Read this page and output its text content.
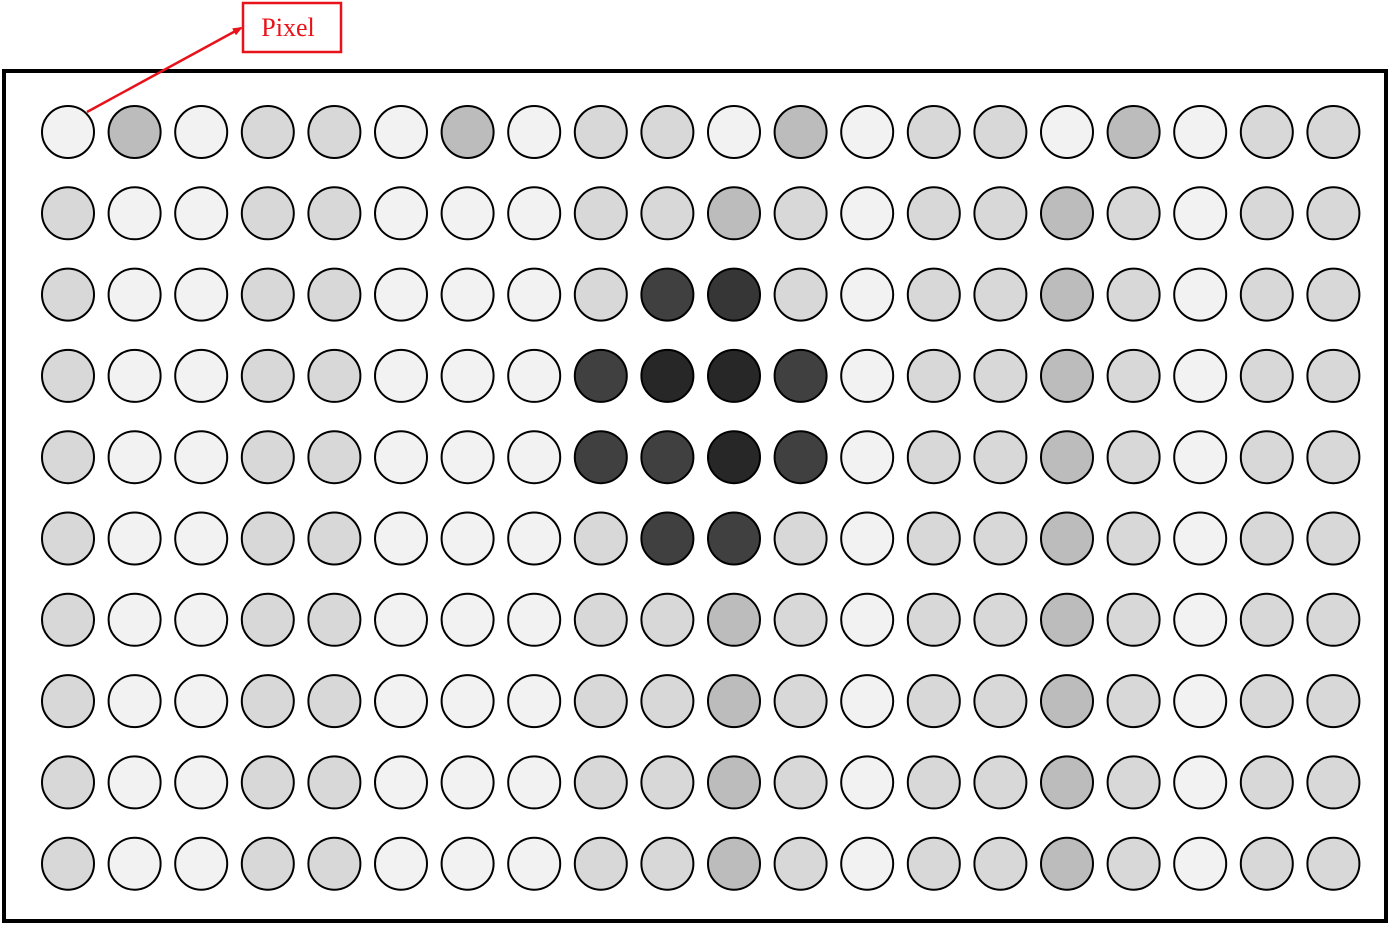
Pixel
